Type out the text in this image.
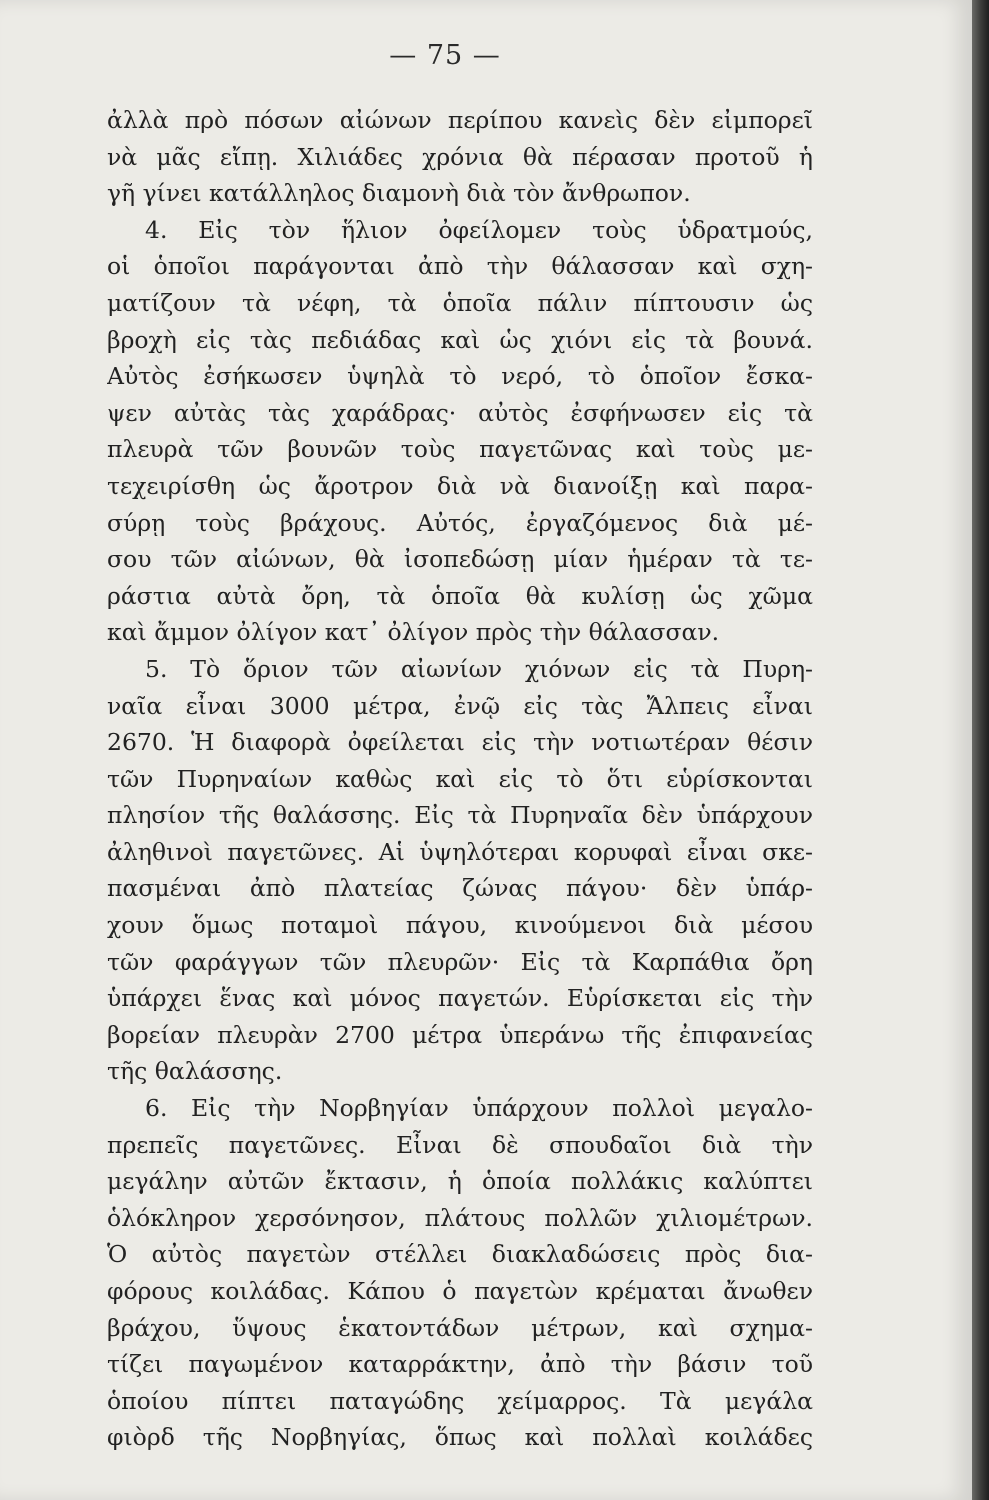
— 75 —
ἀλλὰ πρὸ πόσων αἰώνων περίπου κανεὶς δὲν εἰμπορεῖ
νὰ μᾶς εἴπῃ. Χιλιάδες χρόνια θὰ πέρασαν προτοῦ ἡ
γῆ γίνει κατάλληλος διαμονὴ διὰ τὸν ἄνθρωπον.
4. Εἰς τὸν ἥλιον ὀφείλομεν τοὺς ὑδρατμούς,
οἱ ὁποῖοι παράγονται ἀπὸ τὴν θάλασσαν καὶ σχη-
ματίζουν τὰ νέφη, τὰ ὁποῖα πάλιν πίπτουσιν ὡς
βροχὴ εἰς τὰς πεδιάδας καὶ ὡς χιόνι εἰς τὰ βουνά.
Αὐτὸς ἐσήκωσεν ὑψηλὰ τὸ νερό, τὸ ὁποῖον ἔσκα-
ψεν αὐτὰς τὰς χαράδρας· αὐτὸς ἐσφήνωσεν εἰς τὰ
πλευρὰ τῶν βουνῶν τοὺς παγετῶνας καὶ τοὺς με-
τεχειρίσθη ὡς ἄροτρον διὰ νὰ διανοίξῃ καὶ παρα-
σύρῃ τοὺς βράχους. Αὐτός, ἐργαζόμενος διὰ μέ-
σου τῶν αἰώνων, θὰ ἰσοπεδώσῃ μίαν ἡμέραν τὰ τε-
ράστια αὐτὰ ὄρη, τὰ ὁποῖα θὰ κυλίσῃ ὡς χῶμα
καὶ ἄμμον ὀλίγον κατ᾽ ὀλίγον πρὸς τὴν θάλασσαν.
5. Τὸ ὅριον τῶν αἰωνίων χιόνων εἰς τὰ Πυρη-
ναῖα εἶναι 3000 μέτρα, ἐνῷ εἰς τὰς Ἄλπεις εἶναι
2670. Ἡ διαφορὰ ὀφείλεται εἰς τὴν νοτιωτέραν θέσιν
τῶν Πυρηναίων καθὼς καὶ εἰς τὸ ὅτι εὑρίσκονται
πλησίον τῆς θαλάσσης. Εἰς τὰ Πυρηναῖα δὲν ὑπάρχουν
ἀληθινοὶ παγετῶνες. Αἱ ὑψηλότεραι κορυφαὶ εἶναι σκε-
πασμέναι ἀπὸ πλατείας ζώνας πάγου· δὲν ὑπάρ-
χουν ὅμως ποταμοὶ πάγου, κινούμενοι διὰ μέσου
τῶν φαράγγων τῶν πλευρῶν· Εἰς τὰ Καρπάθια ὄρη
ὑπάρχει ἕνας καὶ μόνος παγετών. Εὑρίσκεται εἰς τὴν
βορείαν πλευρὰν 2700 μέτρα ὑπεράνω τῆς ἐπιφανείας
τῆς θαλάσσης.
6. Εἰς τὴν Νορβηγίαν ὑπάρχουν πολλοὶ μεγαλο-
πρεπεῖς παγετῶνες. Εἶναι δὲ σπουδαῖοι διὰ τὴν
μεγάλην αὐτῶν ἔκτασιν, ἡ ὁποία πολλάκις καλύπτει
ὁλόκληρον χερσόνησον, πλάτους πολλῶν χιλιομέτρων.
Ὁ αὐτὸς παγετὼν στέλλει διακλαδώσεις πρὸς δια-
φόρους κοιλάδας. Κάπου ὁ παγετὼν κρέμαται ἄνωθεν
βράχου, ὕψους ἑκατοντάδων μέτρων, καὶ σχημα-
τίζει παγωμένον καταρράκτην, ἀπὸ τὴν βάσιν τοῦ
ὁποίου πίπτει παταγώδης χείμαρρος. Τὰ μεγάλα
φιὸρδ τῆς Νορβηγίας, ὅπως καὶ πολλαὶ κοιλάδες
